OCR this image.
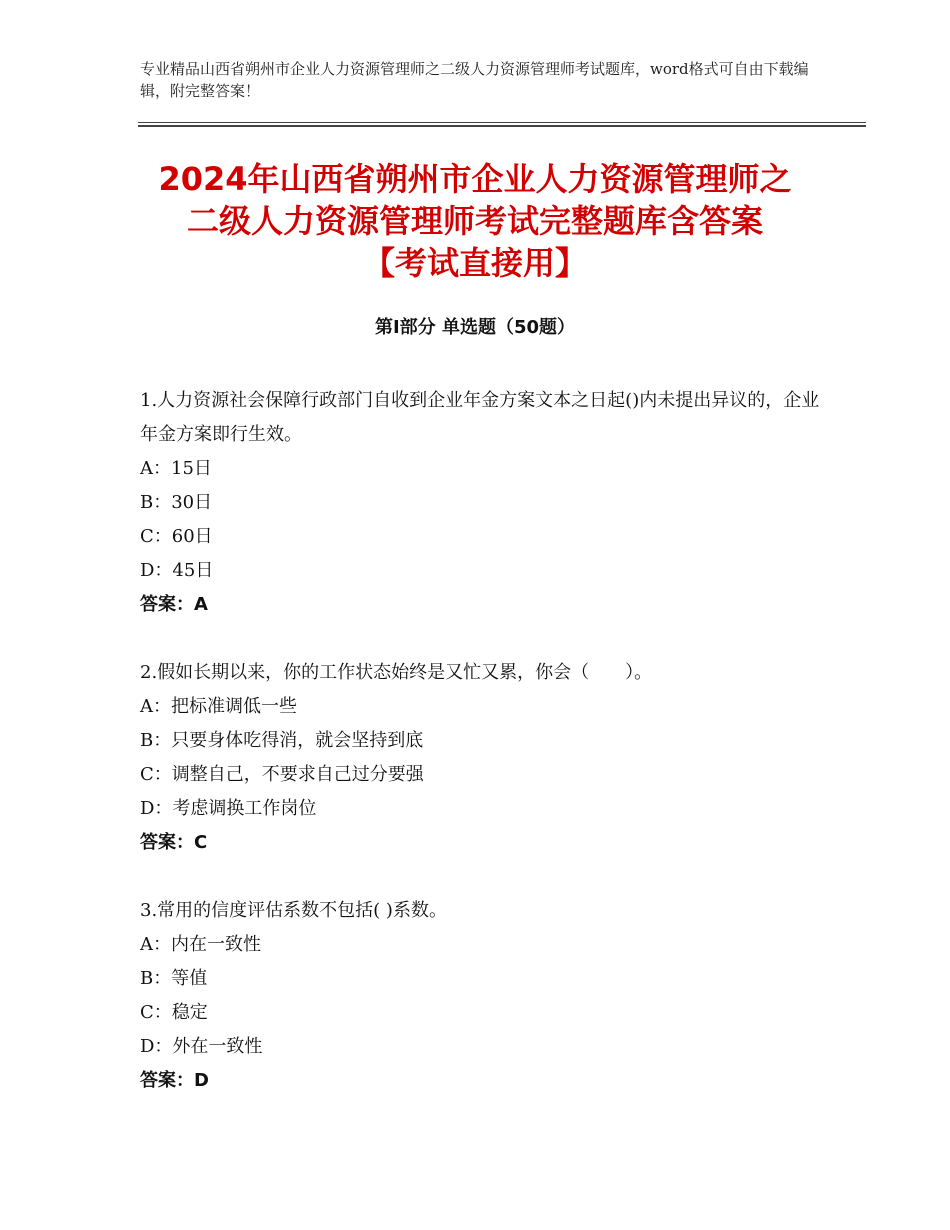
专业精品山西省朔州市企业人力资源管理师之二级人力资源管理师考试题库，word格式可自由下载编辑，附完整答案！
2024年山西省朔州市企业人力资源管理师之
二级人力资源管理师考试完整题库含答案
【考试直接用】
第Ⅰ部分 单选题（50题）
1.人力资源社会保障行政部门自收到企业年金方案文本之日起()内未提出异议的，企业年金方案即行生效。
A：15日
B：30日
C：60日
D：45日
答案：A
2.假如长期以来，你的工作状态始终是又忙又累，你会（　　）。
A：把标准调低一些
B：只要身体吃得消，就会坚持到底
C：调整自己，不要求自己过分要强
D：考虑调换工作岗位
答案：C
3.常用的信度评估系数不包括( )系数。
A：内在一致性
B：等值
C：稳定
D：外在一致性
答案：D
